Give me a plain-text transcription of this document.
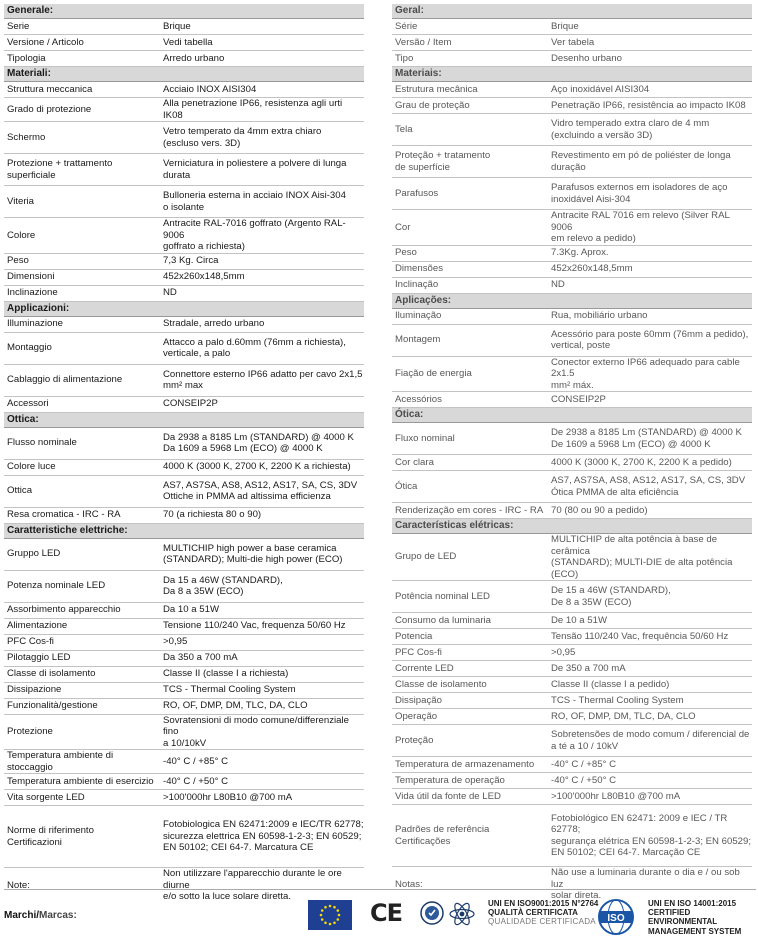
Generale:	
Serie	Brique
Versione / Articolo	Vedi tabella
Tipologia	Arredo urbano
Materiali:	
Struttura meccanica	Acciaio INOX AISI304
Grado di protezione	Alla penetrazione IP66, resistenza agli urti IK08
Schermo	Vetro temperato da 4mm extra chiaro
(escluso vers. 3D)
Protezione + trattamento
superficiale	Verniciatura in poliestere a polvere di lunga
durata
Viteria	Bulloneria esterna in acciaio INOX Aisi-304
o isolante
Colore	Antracite RAL-7016 goffrato (Argento RAL-9006
goffrato a richiesta)
Peso	7,3 Kg. Circa
Dimensioni	452x260x148,5mm
Inclinazione	ND
Applicazioni:	
Illuminazione	Stradale, arredo urbano
Montaggio	Attacco a palo d.60mm (76mm a richiesta),
verticale, a palo
Cablaggio di alimentazione	Connettore esterno IP66 adatto per cavo 2x1,5
mm² max
Accessori	CONSEIP2P
Ottica:	
Flusso nominale	Da 2938 a 8185 Lm (STANDARD) @ 4000 K
Da 1609 a 5968 Lm (ECO) @ 4000 K
Colore luce	4000 K (3000 K, 2700 K, 2200 K a richiesta)
Ottica	AS7, AS7SA, AS8, AS12, AS17, SA, CS, 3DV
Ottiche in PMMA ad altissima efficienza
Resa cromatica - IRC - RA	70 (a richiesta 80 o 90)
Caratteristiche elettriche:	
Gruppo LED	MULTICHIP high power a base ceramica
(STANDARD); Multi-die high power (ECO)
Potenza nominale LED	Da 15 a 46W (STANDARD),
Da 8 a 35W (ECO)
Assorbimento apparecchio	Da 10 a 51W
Alimentazione	Tensione 110/240 Vac, frequenza 50/60 Hz
PFC Cos-fi	>0,95
Pilotaggio LED	Da 350 a 700 mA
Classe di isolamento	Classe II (classe I a richiesta)
Dissipazione	TCS - Thermal Cooling System
Funzionalità/gestione	RO, OF, DMP, DM, TLC, DA, CLO
Protezione	Sovratensioni di modo comune/differenziale fino
a 10/10kV
Temperatura ambiente di stoccaggio	-40° C / +85° C
Temperatura ambiente di esercizio	-40° C / +50° C
Vita sorgente LED	>100'000hr L80B10 @700 mA
Norme di riferimento
Certificazioni	Fotobiologica EN 62471:2009 e IEC/TR 62778;
sicurezza elettrica EN 60598-1-2-3; EN 60529;
EN 50102; CEI 64-7. Marcatura CE
Note:	Non utilizzare l'apparecchio durante le ore diurne
e/o sotto la luce solare diretta.
Geral:	
Série	Brique
Versão / Item	Ver tabela
Tipo	Desenho urbano
Materiais:	
Estrutura mecânica	Aço inoxidável AISI304
Grau de proteção	Penetração IP66, resistência ao impacto IK08
Tela	Vidro temperado extra claro de 4 mm
(excluindo a versão 3D)
Proteção + tratamento
de superfície	Revestimento em pó de poliéster de longa
duração
Parafusos	Parafusos externos em isoladores de aço
inoxidável Aisi-304
Cor	Antracite RAL 7016 em relevo (Silver RAL 9006
em relevo a pedido)
Peso	7.3Kg. Aprox.
Dimensões	452x260x148,5mm
Inclinação	ND
Aplicações:	
Iluminação	Rua, mobiliário urbano
Montagem	Acessório para poste 60mm (76mm a pedido),
vertical, poste
Fiação de energia	Conector externo IP66 adequado para cable 2x1.5
mm² máx.
Acessórios	CONSEIP2P
Ótica:	
Fluxo nominal	De 2938 a 8185 Lm (STANDARD) @ 4000 K
De 1609 a 5968 Lm (ECO) @ 4000 K
Cor clara	4000 K (3000 K, 2700 K, 2200 K a pedido)
Ótica	AS7, AS7SA, AS8, AS12, AS17, SA, CS, 3DV
Ótica PMMA de alta eficiência
Renderização em cores - IRC - RA	70 (80 ou 90 a pedido)
Características elétricas:	
Grupo de LED	MULTICHIP de alta potência à base de cerâmica
(STANDARD); MULTI-DIE de alta potência (ECO)
Potência nominal LED	De 15 a 46W (STANDARD),
De 8 a 35W (ECO)
Consumo da luminaria	De 10 a 51W
Potencia	Tensão 110/240 Vac, frequência 50/60 Hz
PFC Cos-fi	>0,95
Corrente LED	De 350 a 700 mA
Classe de isolamento	Classe II (classe I a pedido)
Dissipação	TCS - Thermal Cooling System
Operação	RO, OF, DMP, DM, TLC, DA, CLO
Proteção	Sobretensões de modo comum / diferencial de
a té a 10 / 10kV
Temperatura de armazenamento	-40° C / +85° C
Temperatura de operação	-40° C / +50° C
Vida útil da fonte de LED	>100'000hr L80B10 @700 mA
Padrões de referência
Certificações	Fotobiológico EN 62471: 2009 e IEC / TR 62778;
segurança elétrica EN 60598-1-2-3; EN 60529;
EN 50102; CEI 64-7. Marcação CE
Notas:	Não use a luminaria durante o dia e / ou sob luz
solar direta.
Marchi/Marcas:	CE	UNI EN ISO9001:2015 N°2764
QUALITÀ CERTIFICATA
QUALIDADE CERTIFICADA ISO
UNI EN ISO 14001:2015
CERTIFIED ENVIRONMENTAL
MANAGEMENT SYSTEM
